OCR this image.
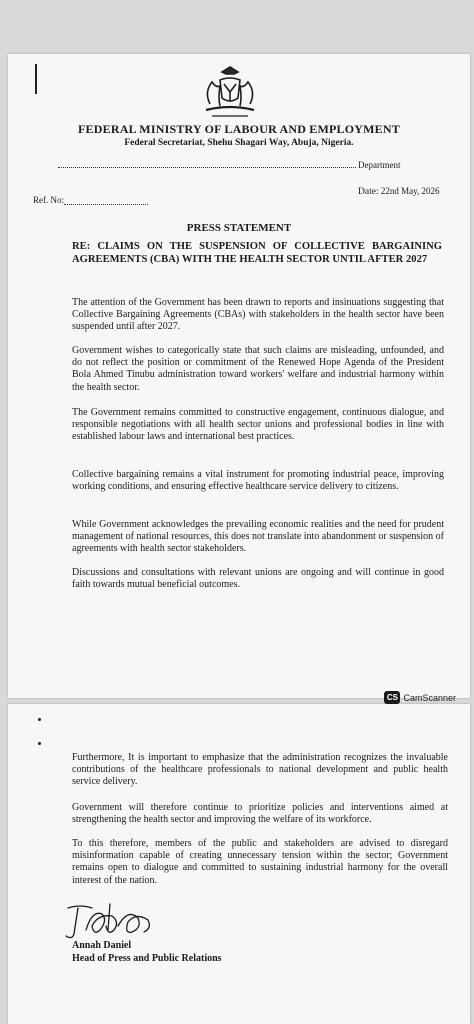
FEDERAL MINISTRY OF LABOUR AND EMPLOYMENT
Federal Secretariat, Shehu Shagari Way, Abuja, Nigeria.
Department
Ref. No:
Date: 22nd May, 2026
PRESS STATEMENT
RE: CLAIMS ON THE SUSPENSION OF COLLECTIVE BARGAINING AGREEMENTS (CBA) WITH THE HEALTH SECTOR UNTIL AFTER 2027
The attention of the Government has been drawn to reports and insinuations suggesting that Collective Bargaining Agreements (CBAs) with stakeholders in the health sector have been suspended until after 2027.
Government wishes to categorically state that such claims are misleading, unfounded, and do not reflect the position or commitment of the Renewed Hope Agenda of the President Bola Ahmed Tinubu administration toward workers' welfare and industrial harmony within the health sector.
The Government remains committed to constructive engagement, continuous dialogue, and responsible negotiations with all health sector unions and professional bodies in line with established labour laws and international best practices.
Collective bargaining remains a vital instrument for promoting industrial peace, improving working conditions, and ensuring effective healthcare service delivery to citizens.
While Government acknowledges the prevailing economic realities and the need for prudent management of national resources, this does not translate into abandonment or suspension of agreements with health sector stakeholders.
Discussions and consultations with relevant unions are ongoing and will continue in good faith towards mutual beneficial outcomes.
CS CamScanner
Furthermore, It is important to emphasize that the administration recognizes the invaluable contributions of the healthcare professionals to national development and public health service delivery.
Government will therefore continue to prioritize policies and interventions aimed at strengthening the health sector and improving the welfare of its workforce.
To this therefore, members of the public and stakeholders are advised to disregard misinformation capable of creating unnecessary tension within the sector; Government remains open to dialogue and committed to sustaining industrial harmony for the overall interest of the nation.
Annah Daniel
Head of Press and Public Relations
